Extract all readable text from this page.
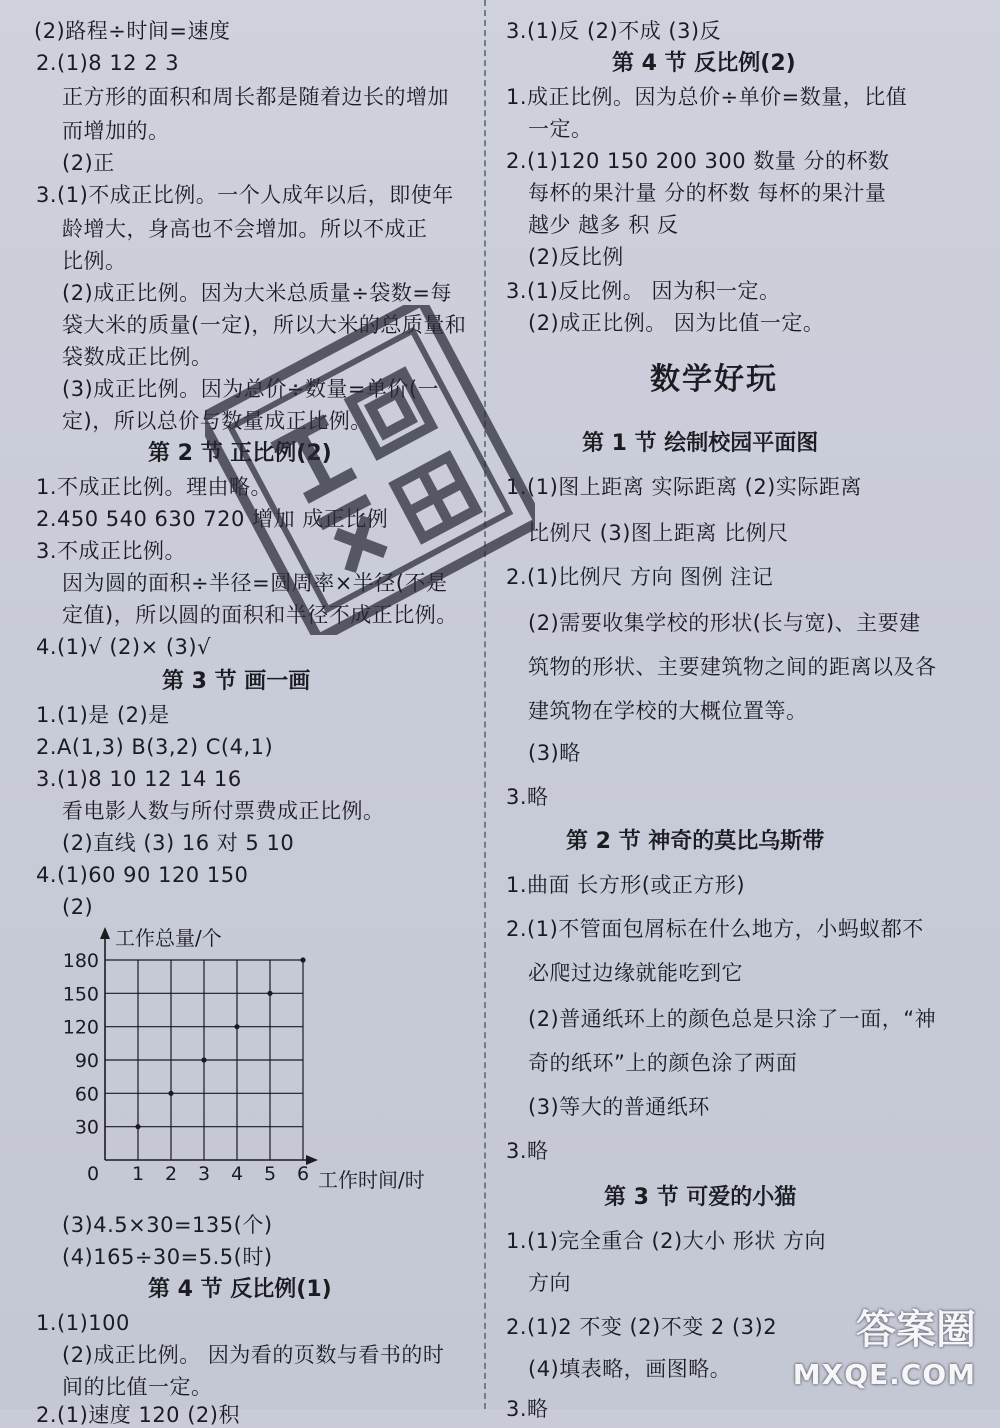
(2)路程÷时间=速度
2.(1)8 12 2 3
正方形的面积和周长都是随着边长的增加
而增加的。
(2)正
3.(1)不成正比例。一个人成年以后，即使年
龄增大，身高也不会增加。所以不成正
比例。
(2)成正比例。因为大米总质量÷袋数=每
袋大米的质量(一定)，所以大米的总质量和
袋数成正比例。
(3)成正比例。因为总价÷数量=单价(一
定)，所以总价与数量成正比例。
第 2 节 正比例(2)
1.不成正比例。理由略。
2.450 540 630 720 增加 成正比例
3.不成正比例。
因为圆的面积÷半径=圆周率×半径(不是
定值)，所以圆的面积和半径不成正比例。
4.(1)√ (2)× (3)√
第 3 节 画一画
1.(1)是 (2)是
2.A(1,3) B(3,2) C(4,1)
3.(1)8 10 12 14 16
看电影人数与所付票费成正比例。
(2)直线 (3) 16 对 5 10
4.(1)60 90 120 150
(2)
(3)4.5×30=135(个)
(4)165÷30=5.5(时)
第 4 节 反比例(1)
1.(1)100
(2)成正比例。 因为看的页数与看书的时
间的比值一定。
2.(1)速度 120 (2)积
0 1 2 3 4 5 6
30
60
90
120
150
180
工作总量/个
工作时间/时
3.(1)反 (2)不成 (3)反
第 4 节 反比例(2)
1.成正比例。因为总价÷单价=数量，比值
一定。
2.(1)120 150 200 300 数量 分的杯数
每杯的果汁量 分的杯数 每杯的果汁量
越少 越多 积 反
(2)反比例
3.(1)反比例。 因为积一定。
(2)成正比例。 因为比值一定。
数学好玩
第 1 节 绘制校园平面图
1.(1)图上距离 实际距离 (2)实际距离
比例尺 (3)图上距离 比例尺
2.(1)比例尺 方向 图例 注记
(2)需要收集学校的形状(长与宽)、主要建
筑物的形状、主要建筑物之间的距离以及各
建筑物在学校的大概位置等。
(3)略
3.略
第 2 节 神奇的莫比乌斯带
1.曲面 长方形(或正方形)
2.(1)不管面包屑标在什么地方，小蚂蚁都不
必爬过边缘就能吃到它
(2)普通纸环上的颜色总是只涂了一面，“神
奇的纸环”上的颜色涂了两面
(3)等大的普通纸环
3.略
第 3 节 可爱的小猫
1.(1)完全重合 (2)大小 形状 方向
方向
2.(1)2 不变 (2)不变 2 (3)2
(4)填表略，画图略。
3.略
答案圈
MXQE.COM
